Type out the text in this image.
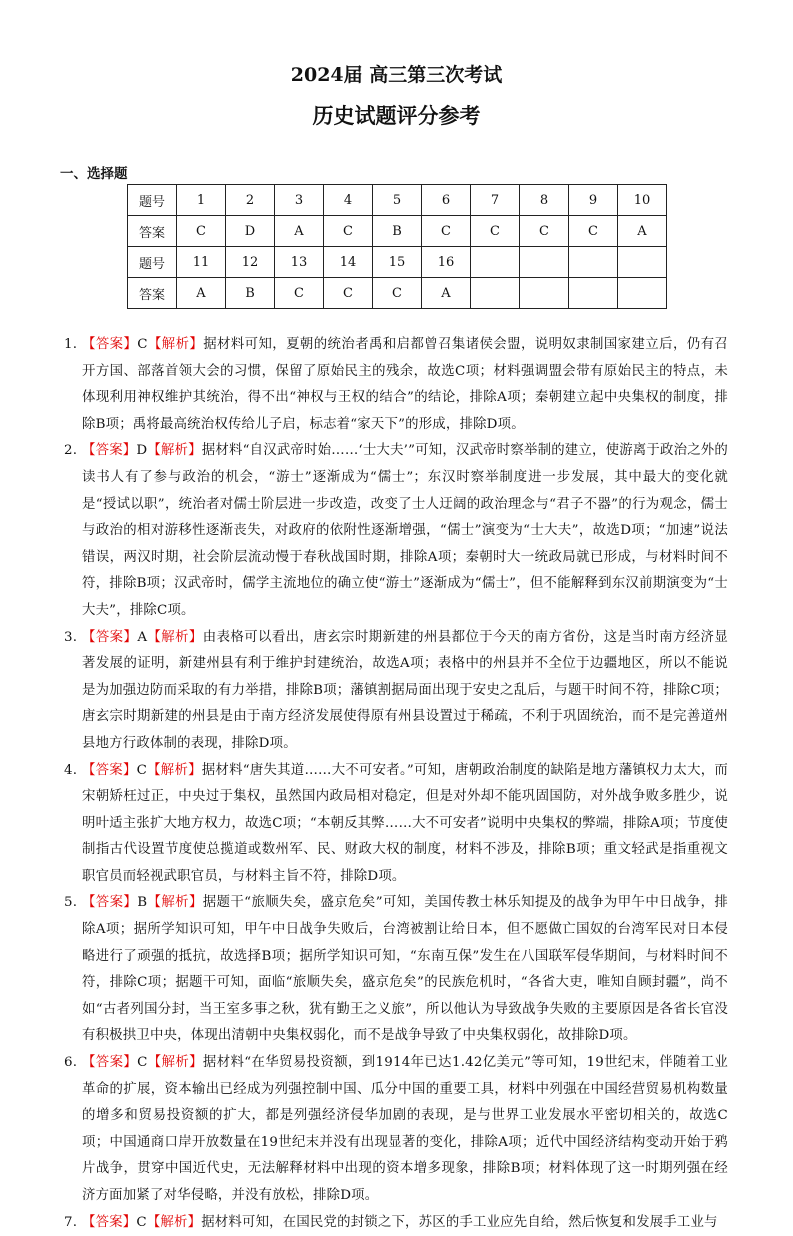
2024届 高三第三次考试
历史试题评分参考
一、选择题
题号	1	2	3	4	5	6	7	8	9	10
答案	C	D	A	C	B	C	C	C	C	A
题号	11	12	13	14	15	16				
答案	A	B	C	C	C	A				
1. 【答案】C【解析】据材料可知，夏朝的统治者禹和启都曾召集诸侯会盟，说明奴隶制国家建立后，仍有召开方国、部落首领大会的习惯，保留了原始民主的残余，故选C项；材料强调盟会带有原始民主的特点，未体现利用神权维护其统治，得不出“神权与王权的结合”的结论，排除A项；秦朝建立起中央集权的制度，排除B项；禹将最高统治权传给儿子启，标志着“家天下”的形成，排除D项。
2. 【答案】D【解析】据材料“自汉武帝时始……‘士大夫’”可知，汉武帝时察举制的建立，使游离于政治之外的读书人有了参与政治的机会，“游士”逐渐成为“儒士”；东汉时察举制度进一步发展，其中最大的变化就是“授试以职”，统治者对儒士阶层进一步改造，改变了士人迂阔的政治理念与“君子不器”的行为观念，儒士与政治的相对游移性逐渐丧失，对政府的依附性逐渐增强，“儒士”演变为“士大夫”，故选D项；“加速”说法错误，两汉时期，社会阶层流动慢于春秋战国时期，排除A项；秦朝时大一统政局就已形成，与材料时间不符，排除B项；汉武帝时，儒学主流地位的确立使“游士”逐渐成为“儒士”，但不能解释到东汉前期演变为“士大夫”，排除C项。
3. 【答案】A【解析】由表格可以看出，唐玄宗时期新建的州县都位于今天的南方省份，这是当时南方经济显著发展的证明，新建州县有利于维护封建统治，故选A项；表格中的州县并不全位于边疆地区，所以不能说是为加强边防而采取的有力举措，排除B项；藩镇割据局面出现于安史之乱后，与题干时间不符，排除C项；唐玄宗时期新建的州县是由于南方经济发展使得原有州县设置过于稀疏，不利于巩固统治，而不是完善道州县地方行政体制的表现，排除D项。
4. 【答案】C【解析】据材料“唐失其道……大不可安者。”可知，唐朝政治制度的缺陷是地方藩镇权力太大，而宋朝矫枉过正，中央过于集权，虽然国内政局相对稳定，但是对外却不能巩固国防，对外战争败多胜少，说明叶适主张扩大地方权力，故选C项；“本朝反其弊……大不可安者”说明中央集权的弊端，排除A项；节度使制指古代设置节度使总揽道或数州军、民、财政大权的制度，材料不涉及，排除B项；重文轻武是指重视文职官员而轻视武职官员，与材料主旨不符，排除D项。
5. 【答案】B【解析】据题干“旅顺失矣，盛京危矣”可知，美国传教士林乐知提及的战争为甲午中日战争，排除A项；据所学知识可知，甲午中日战争失败后，台湾被割让给日本，但不愿做亡国奴的台湾军民对日本侵略进行了顽强的抵抗，故选择B项；据所学知识可知，“东南互保”发生在八国联军侵华期间，与材料时间不符，排除C项；据题干可知，面临“旅顺失矣，盛京危矣”的民族危机时，“各省大吏，唯知自顾封疆”，尚不如“古者列国分封，当王室多事之秋，犹有勤王之义旅”，所以他认为导致战争失败的主要原因是各省长官没有积极拱卫中央，体现出清朝中央集权弱化，而不是战争导致了中央集权弱化，故排除D项。
6. 【答案】C【解析】据材料“在华贸易投资额，到1914年已达1.42亿美元”等可知，19世纪末，伴随着工业革命的扩展，资本输出已经成为列强控制中国、瓜分中国的重要工具，材料中列强在中国经营贸易机构数量的增多和贸易投资额的扩大，都是列强经济侵华加剧的表现，是与世界工业发展水平密切相关的，故选C项；中国通商口岸开放数量在19世纪末并没有出现显著的变化，排除A项；近代中国经济结构变动开始于鸦片战争，贯穿中国近代史，无法解释材料中出现的资本增多现象，排除B项；材料体现了这一时期列强在经济方面加紧了对华侵略，并没有放松，排除D项。
7. 【答案】C【解析】据材料可知，在国民党的封锁之下，苏区的手工业应先自给，然后恢复和发展手工业与
